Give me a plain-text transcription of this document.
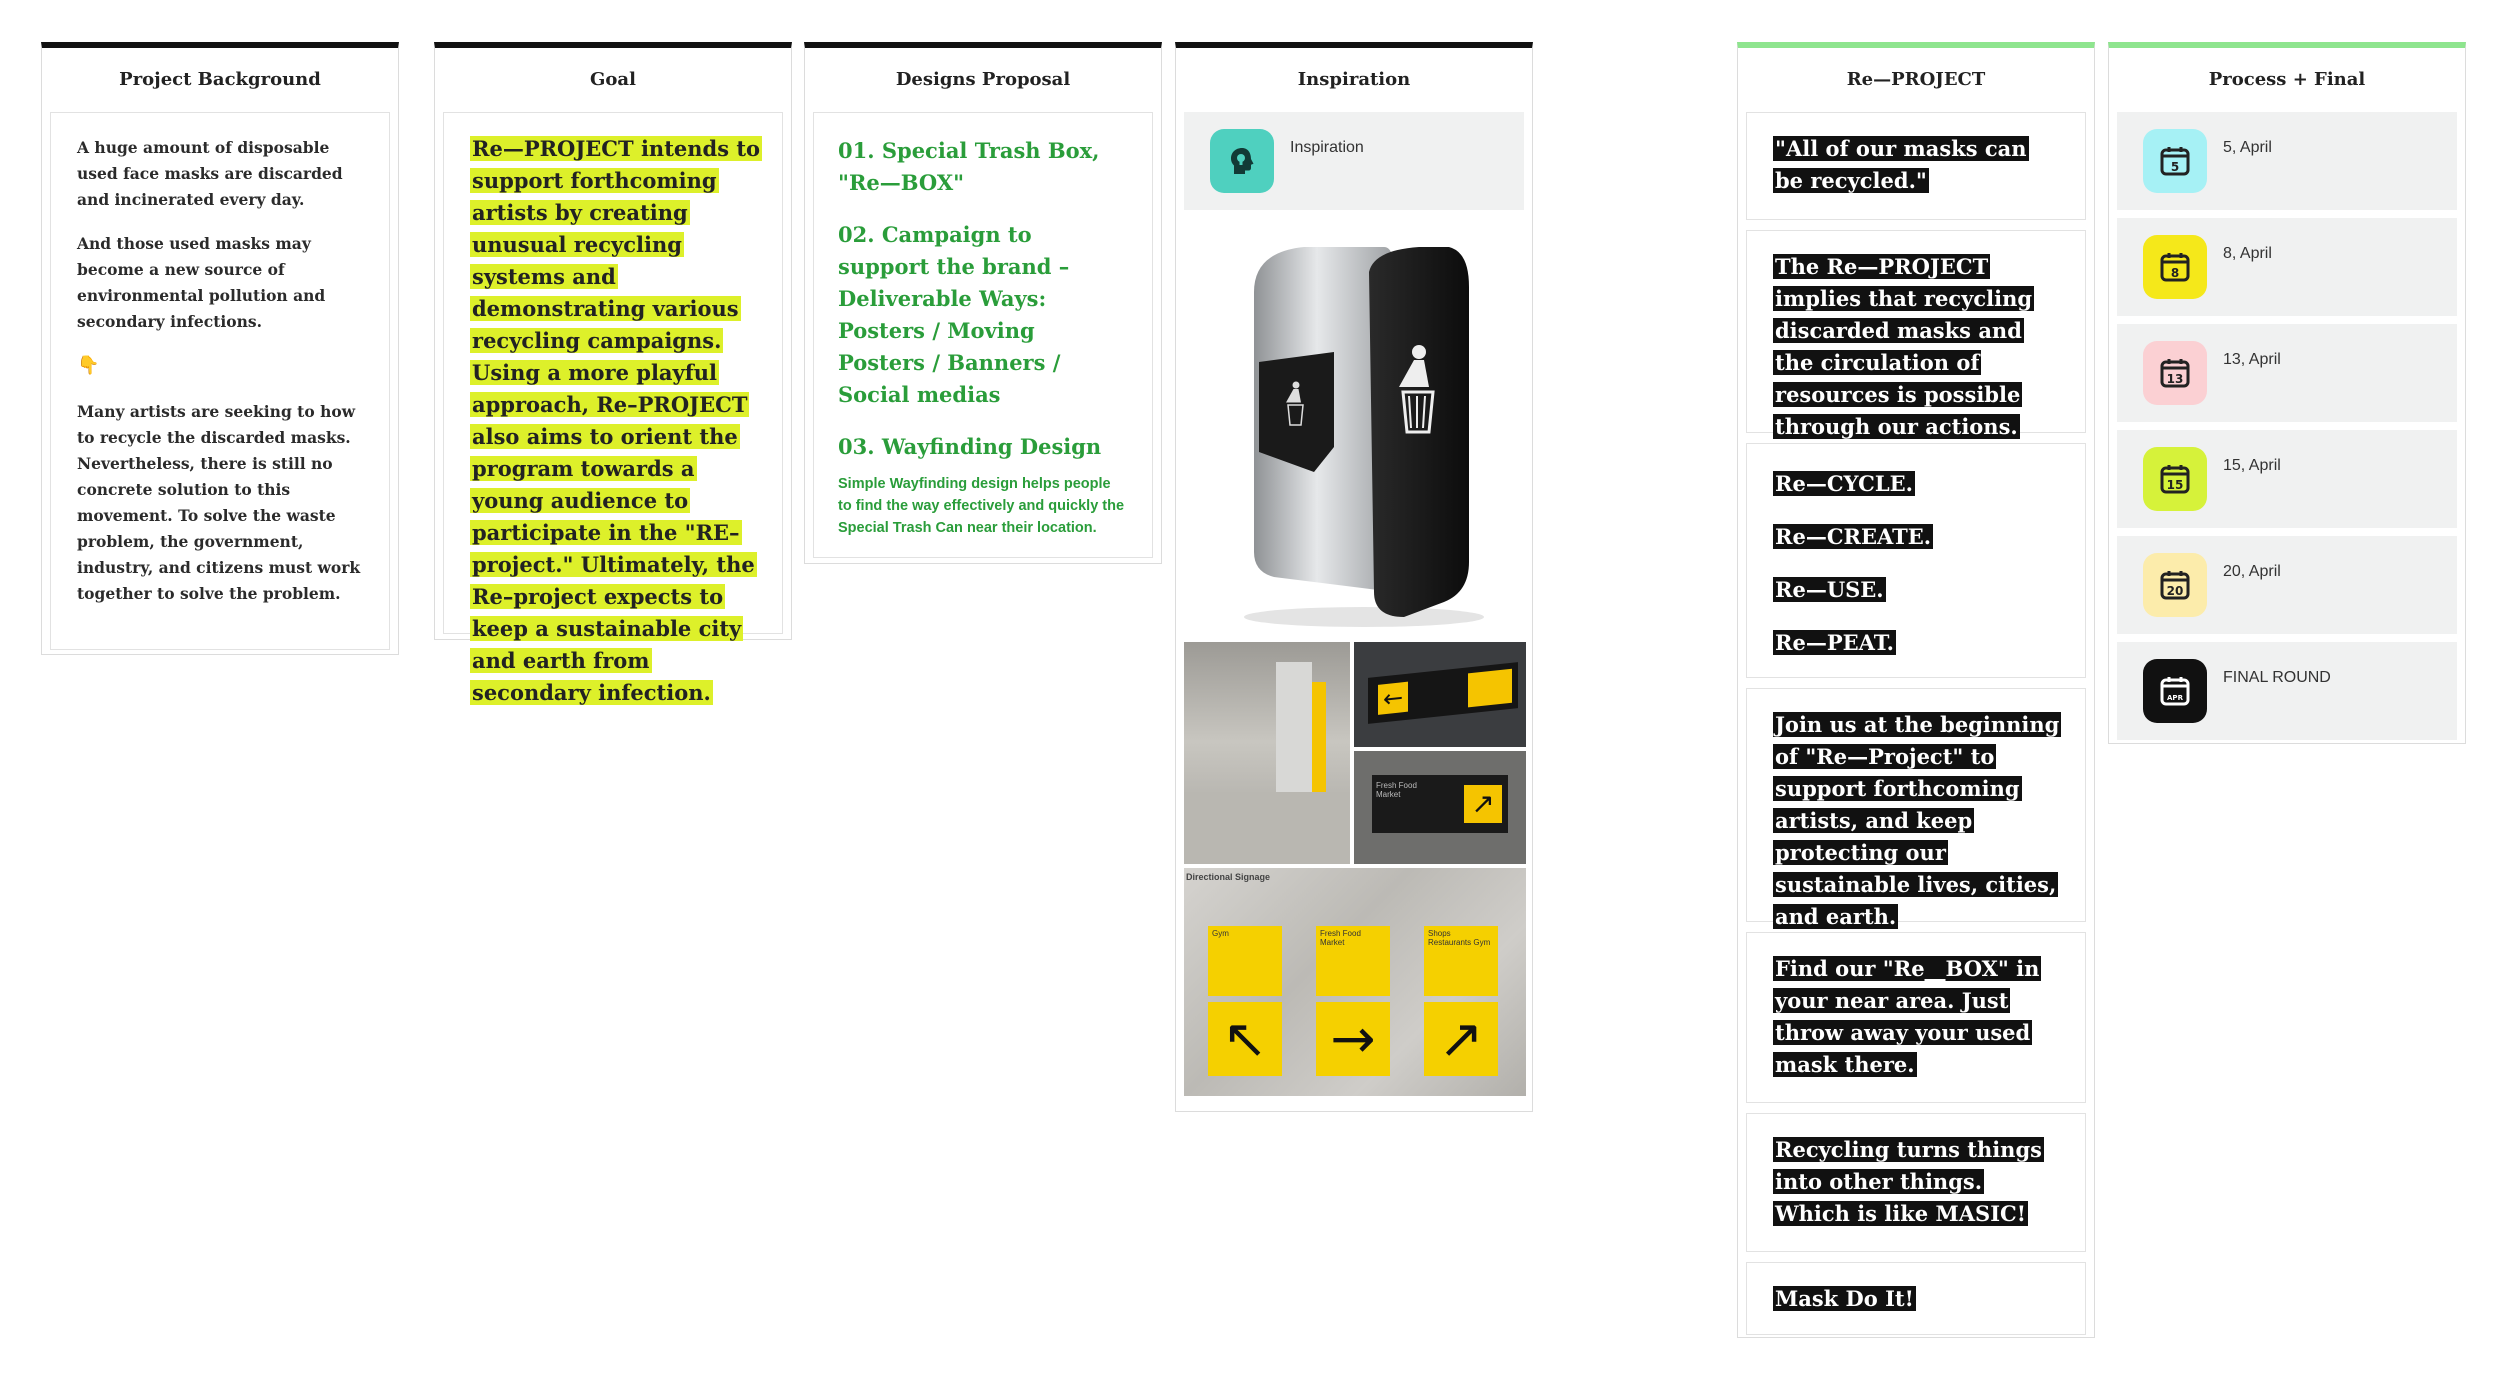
Project Background

A huge amount of disposable used face masks are discarded and incinerated every day.

And those used masks may become a new source of environmental pollution and secondary infections.

👇

Many artists are seeking to how to recycle the discarded masks. Nevertheless, there is still no concrete solution to this movement. To solve the waste problem, the government, industry, and citizens must work together to solve the problem.

Goal
Re—PROJECT intends to support forthcoming artists by creating unusual recycling systems and demonstrating various recycling campaigns. Using a more playful approach, Re–PROJECT also aims to orient the program towards a young audience to participate in the "RE–project." Ultimately, the Re–project expects to keep a sustainable city and earth from secondary infection.
Designs Proposal

01. Special Trash Box, "Re—BOX"

02. Campaign to support the brand – Deliverable Ways: Posters / Moving Posters / Banners / Social medias

03. Wayfinding Design

Simple Wayfinding design helps people to find the way effectively and quickly the Special Trash Can near their location.

Inspiration
Inspiration
←
Fresh Food Market	↗
Directional Signage
Gym	Fresh Food Market
Shops Restaurants Gym
↖ → ↗
Re—PROJECT
"All of our masks can be recycled."
The Re—PROJECT implies that recycling discarded masks and the circulation of resources is possible through our actions.

Re—CYCLE.

Re—CREATE.

Re—USE.

Re—PEAT.

Join us at the beginning of "Re—Project" to support forthcoming artists, and keep protecting our sustainable lives, cities, and earth.
Find our "Re__BOX" in your near area. Just throw away your used mask there.
Recycling turns things into other things. Which is like MASIC!
Mask Do It!
Process + Final
5
5, April
8
8, April
13
13, April
15
15, April
20
20, April
APR
FINAL ROUND
